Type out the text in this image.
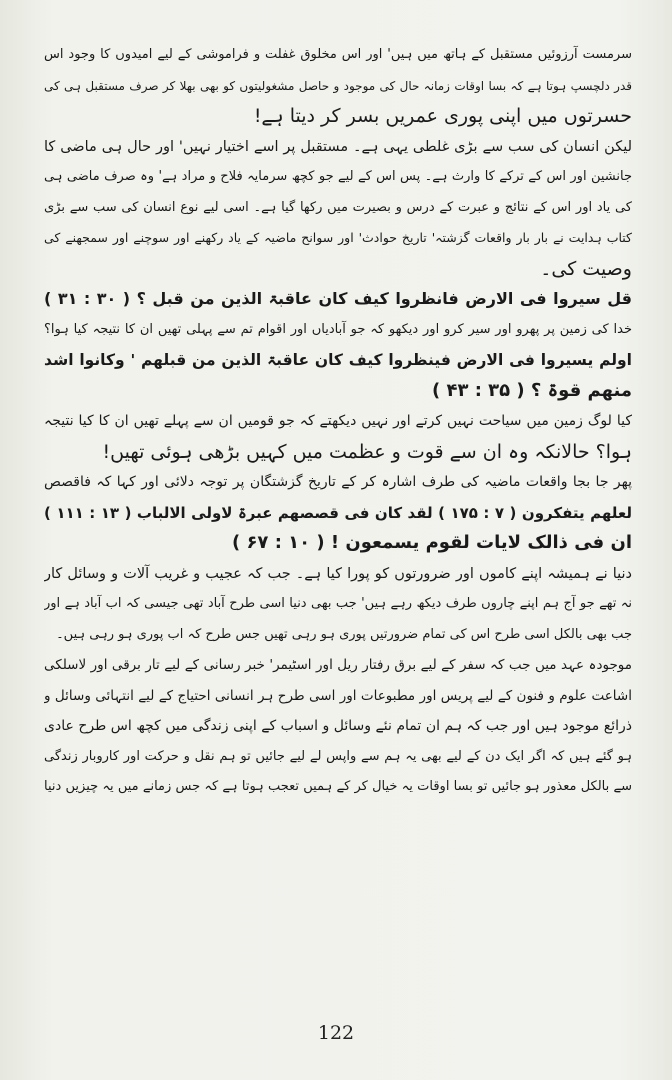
سرمست آرزوئیں مستقبل کے ہاتھ میں ہیں' اور اس مخلوق غفلت و فراموشی کے لیے امیدوں کا وجود اس
قدر دلچسپ ہوتا ہے کہ بسا اوقات زمانہ حال کی موجود و حاصل مشغولیتوں کو بھی بھلا کر صرف مستقبل ہی کی
حسرتوں میں اپنی پوری عمریں بسر کر دیتا ہے!
لیکن انسان کی سب سے بڑی غلطی یہی ہے۔ مستقبل پر اسے اختیار نہیں' اور حال ہی ماضی کا
جانشین اور اس کے ترکے کا وارث ہے۔ پس اس کے لیے جو کچھ سرمایہ فلاح و مراد ہے' وہ صرف ماضی ہی
کی یاد اور اس کے نتائج و عبرت کے درس و بصیرت میں رکھا گیا ہے۔ اسی لیے نوع انسان کی سب سے بڑی
کتاب ہدایت نے بار بار واقعات گزشتہ' تاریخ حوادث' اور سوانح ماضیہ کے یاد رکھنے اور سوچنے اور سمجھنے کی
وصیت کی۔
قل سیروا فی الارض فانظروا کیف کان عاقبۃ الذین من قبل ؟ ( ۳۰ : ۳۱ )
خدا کی زمین پر پھرو اور سیر کرو اور دیکھو کہ جو آبادیاں اور اقوام تم سے پہلی تھیں ان کا نتیجہ کیا ہوا؟
اولم یسیروا فی الارض فینظروا کیف کان عاقبۃ الذین من قبلھم ' وکانوا اشد
منھم قوۃ ؟ ( ۳۵ : ۴۳ )
کیا لوگ زمین میں سیاحت نہیں کرتے اور نہیں دیکھتے کہ جو قومیں ان سے پہلے تھیں ان کا کیا نتیجہ
ہوا؟ حالانکہ وہ ان سے قوت و عظمت میں کہیں بڑھی ہوئی تھیں!
پھر جا بجا واقعات ماضیہ کی طرف اشارہ کر کے تاریخ گزشتگان پر توجہ دلائی اور کہا کہ فاقصص
لعلھم یتفکرون ( ۷ : ۱۷۵ ) لقد کان فی قصصھم عبرۃ لاولی الالباب ( ۱۳ : ۱۱۱ )
ان فی ذالک لایات لقوم یسمعون ! ( ۱۰ : ۶۷ )
دنیا نے ہمیشہ اپنے کاموں اور ضرورتوں کو پورا کیا ہے۔ جب کہ عجیب و غریب آلات و وسائل کار
نہ تھے جو آج ہم اپنے چاروں طرف دیکھ رہے ہیں' جب بھی دنیا اسی طرح آباد تھی جیسی کہ اب آباد ہے اور
جب بھی بالکل اسی طرح اس کی تمام ضرورتیں پوری ہو رہی تھیں جس طرح کہ اب پوری ہو رہی ہیں۔
موجودہ عہد میں جب کہ سفر کے لیے برق رفتار ریل اور اسٹیمر' خبر رسانی کے لیے تار برقی اور لاسلکی
اشاعت علوم و فنون کے لیے پریس اور مطبوعات اور اسی طرح ہر انسانی احتیاج کے لیے انتہائی وسائل و
ذرائع موجود ہیں اور جب کہ ہم ان تمام نئے وسائل و اسباب کے اپنی زندگی میں کچھ اس طرح عادی
ہو گئے ہیں کہ اگر ایک دن کے لیے بھی یہ ہم سے واپس لے لیے جائیں تو ہم نقل و حرکت اور کاروبار زندگی
سے بالکل معذور ہو جائیں تو بسا اوقات یہ خیال کر کے ہمیں تعجب ہوتا ہے کہ جس زمانے میں یہ چیزیں دنیا
122
